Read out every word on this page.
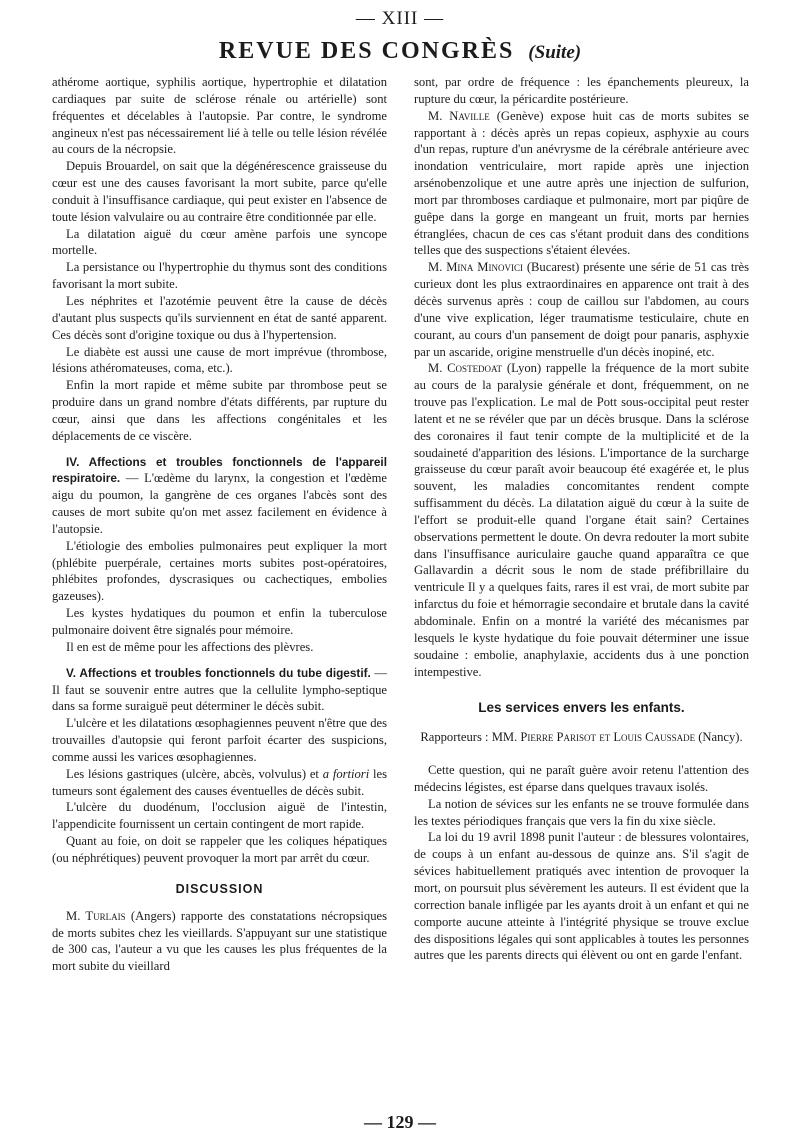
— XIII —
REVUE DES CONGRÈS (Suite)

athérome aortique, syphilis aortique, hypertrophie et dilatation cardiaques par suite de sclérose rénale ou artérielle) sont fréquentes et décelables à l'autopsie. Par contre, le syndrome angineux n'est pas nécessairement lié à telle ou telle lésion révélée au cours de la nécropsie.

Depuis Brouardel, on sait que la dégénérescence graisseuse du cœur est une des causes favorisant la mort subite, parce qu'elle conduit à l'insuffisance cardiaque, qui peut exister en l'absence de toute lésion valvulaire ou au contraire être conditionnée par elle.

La dilatation aiguë du cœur amène parfois une syncope mortelle.

La persistance ou l'hypertrophie du thymus sont des conditions favorisant la mort subite.

Les néphrites et l'azotémie peuvent être la cause de décès d'autant plus suspects qu'ils surviennent en état de santé apparent. Ces décès sont d'origine toxique ou dus à l'hypertension.

Le diabète est aussi une cause de mort imprévue (thrombose, lésions athéromateuses, coma, etc.).

Enfin la mort rapide et même subite par thrombose peut se produire dans un grand nombre d'états différents, par rupture du cœur, ainsi que dans les affections congénitales et les déplacements de ce viscère.

IV. Affections et troubles fonctionnels de l'appareil respiratoire. — L'œdème du larynx, la congestion et l'œdème aigu du poumon, la gangrène de ces organes l'abcès sont des causes de mort subite qu'on met assez facilement en évidence à l'autopsie.

L'étiologie des embolies pulmonaires peut expliquer la mort (phlébite puerpérale, certaines morts subites post-opératoires, phlébites profondes, dyscrasiques ou cachectiques, embolies gazeuses).

Les kystes hydatiques du poumon et enfin la tuberculose pulmonaire doivent être signalés pour mémoire.

Il en est de même pour les affections des plèvres.

V. Affections et troubles fonctionnels du tube digestif. — Il faut se souvenir entre autres que la cellulite lympho-septique dans sa forme suraiguë peut déterminer le décès subit.

L'ulcère et les dilatations œsophagiennes peuvent n'être que des trouvailles d'autopsie qui feront parfoit écarter des suspicions, comme aussi les varices œsophagiennes.

Les lésions gastriques (ulcère, abcès, volvulus) et a fortiori les tumeurs sont également des causes éventuelles de décès subit.

L'ulcère du duodénum, l'occlusion aiguë de l'intestin, l'appendicite fournissent un certain contingent de mort rapide.

Quant au foie, on doit se rappeler que les coliques hépatiques (ou néphrétiques) peuvent provoquer la mort par arrêt du cœur.

DISCUSSION

M. Turlais (Angers) rapporte des constatations nécropsiques de morts subites chez les vieillards. S'appuyant sur une statistique de 300 cas, l'auteur a vu que les causes les plus fréquentes de la mort subite du vieillard

sont, par ordre de fréquence : les épanchements pleureux, la rupture du cœur, la péricardite postérieure.

M. Naville (Genève) expose huit cas de morts subites se rapportant à : décès après un repas copieux, asphyxie au cours d'un repas, rupture d'un anévrysme de la cérébrale antérieure avec inondation ventriculaire, mort rapide après une injection arsénobenzolique et une autre après une injection de sulfurion, mort par thromboses cardiaque et pulmonaire, mort par piqûre de guêpe dans la gorge en mangeant un fruit, morts par hernies étranglées, chacun de ces cas s'étant produit dans des conditions telles que des suspections s'étaient élevées.

M. Mina Minovici (Bucarest) présente une série de 51 cas très curieux dont les plus extraordinaires en apparence ont trait à des décès survenus après : coup de caillou sur l'abdomen, au cours d'une vive explication, léger traumatisme testiculaire, chute en courant, au cours d'un pansement de doigt pour panaris, asphyxie par un ascaride, origine menstruelle d'un décès inopiné, etc.

M. Costedoat (Lyon) rappelle la fréquence de la mort subite au cours de la paralysie générale et dont, fréquemment, on ne trouve pas l'explication. Le mal de Pott sous-occipital peut rester latent et ne se révéler que par un décès brusque. Dans la sclérose des coronaires il faut tenir compte de la multiplicité et de la soudaineté d'apparition des lésions. L'importance de la surcharge graisseuse du cœur paraît avoir beaucoup été exagérée et, le plus souvent, les maladies concomitantes rendent compte suffisamment du décès. La dilatation aiguë du cœur à la suite de l'effort se produit-elle quand l'organe était sain? Certaines observations permettent le doute. On devra redouter la mort subite dans l'insuffisance auriculaire gauche quand apparaîtra ce que Gallavardin a décrit sous le nom de stade préfibrillaire du ventricule Il y a quelques faits, rares il est vrai, de mort subite par infarctus du foie et hémorragie secondaire et brutale dans la cavité abdominale. Enfin on a montré la variété des mécanismes par lesquels le kyste hydatique du foie pouvait déterminer une issue soudaine : embolie, anaphylaxie, accidents dus à une ponction intempestive.

Les services envers les enfants.
Rapporteurs : MM. Pierre Parisot et Louis Caussade (Nancy).

Cette question, qui ne paraît guère avoir retenu l'attention des médecins légistes, est éparse dans quelques travaux isolés.

La notion de sévices sur les enfants ne se trouve formulée dans les textes périodiques français que vers la fin du xixe siècle.

La loi du 19 avril 1898 punit l'auteur : de blessures volontaires, de coups à un enfant au-dessous de quinze ans. S'il s'agit de sévices habituellement pratiqués avec intention de provoquer la mort, on poursuit plus sévèrement les auteurs. Il est évident que la correction banale infligée par les ayants droit à un enfant et qui ne comporte aucune atteinte à l'intégrité physique se trouve exclue des dispositions légales qui sont applicables à toutes les personnes autres que les parents directs qui élèvent ou ont en garde l'enfant.

— 129 —
